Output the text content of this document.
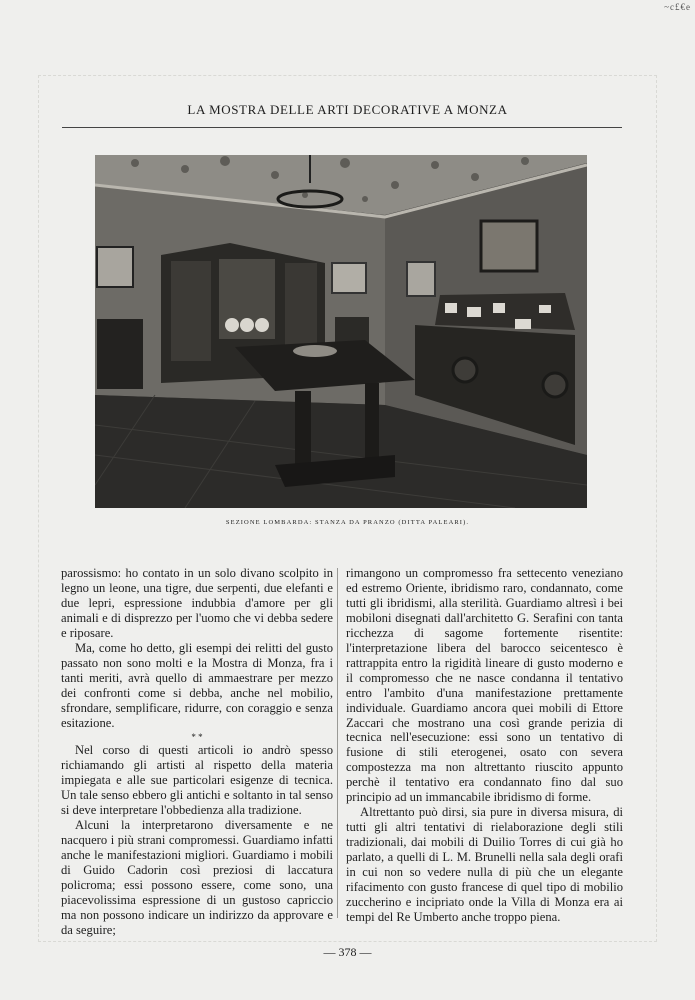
~c£€e
LA MOSTRA DELLE ARTI DECORATIVE A MONZA
SEZIONE LOMBARDA: STANZA DA PRANZO (DITTA PALEARI).

parossismo: ho contato in un solo divano scolpito in legno un leone, una tigre, due serpenti, due elefanti e due lepri, espressione indubbia d'amore per gli animali e di disprezzo per l'uomo che vi debba sedere e riposare.

Ma, come ho detto, gli esempi dei relitti del gusto passato non sono molti e la Mostra di Monza, fra i tanti meriti, avrà quello di ammaestrare per mezzo dei confronti come si debba, anche nel mobilio, sfrondare, semplificare, ridurre, con coraggio e senza esitazione.

* *

Nel corso di questi articoli io andrò spesso richiamando gli artisti al rispetto della materia impiegata e alle sue particolari esigenze di tecnica. Un tale senso ebbero gli antichi e soltanto in tal senso si deve interpretare l'obbedienza alla tradizione.

Alcuni la interpretarono diversamente e ne nacquero i più strani compromessi. Guardiamo infatti anche le manifestazioni migliori. Guardiamo i mobili di Guido Cadorin così preziosi di laccatura policroma; essi possono essere, come sono, una piacevolissima espressione di un gustoso capriccio ma non possono indicare un indirizzo da approvare e da seguire;

rimangono un compromesso fra settecento veneziano ed estremo Oriente, ibridismo raro, condannato, come tutti gli ibridismi, alla sterilità. Guardiamo altresì i bei mobiloni disegnati dall'architetto G. Serafini con tanta ricchezza di sagome fortemente risentite: l'interpretazione libera del barocco seicentesco è rattrappita entro la rigidità lineare di gusto moderno e il compromesso che ne nasce condanna il tentativo entro l'ambito d'una manifestazione prettamente individuale. Guardiamo ancora quei mobili di Ettore Zaccari che mostrano una così grande perizia di tecnica nell'esecuzione: essi sono un tentativo di fusione di stili eterogenei, osato con severa compostezza ma non altrettanto riuscito appunto perchè il tentativo era condannato fino dal suo principio ad un immancabile ibridismo di forme.

Altrettanto può dirsi, sia pure in diversa misura, di tutti gli altri tentativi di rielaborazione degli stili tradizionali, dai mobili di Duilio Torres di cui già ho parlato, a quelli di L. M. Brunelli nella sala degli orafi in cui non so vedere nulla di più che un elegante rifacimento con gusto francese di quel tipo di mobilio zuccherino e incipriato onde la Villa di Monza era ai tempi del Re Umberto anche troppo piena.

— 378 —
